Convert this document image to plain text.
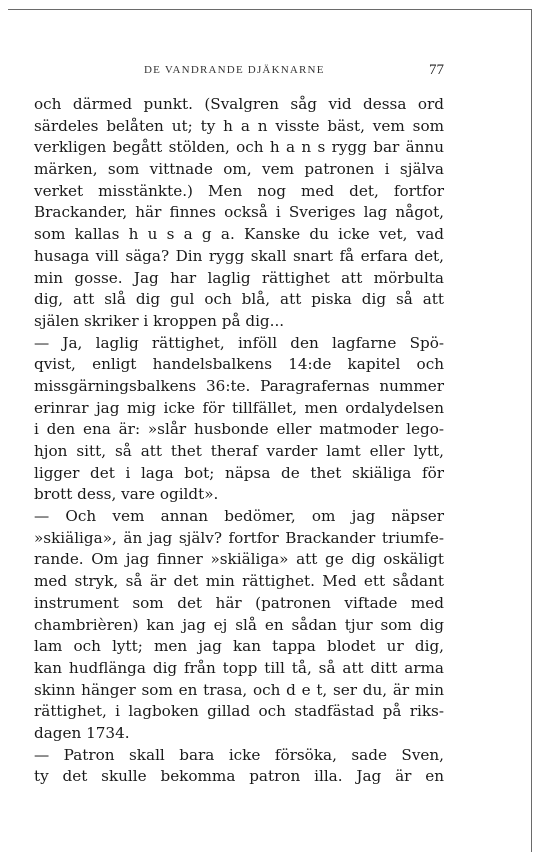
DE VANDRANDE DJÄKNARNE	77
och därmed punkt. (Svalgren såg vid dessa ord
särdeles belåten ut; ty h a n visste bäst, vem som
verkligen begått stölden, och h a n s rygg bar ännu
märken, som vittnade om, vem patronen i själva
verket misstänkte.) Men nog med det, fortfor
Brackander, här finnes också i Sveriges lag något,
som kallas h u s a g a. Kanske du icke vet, vad
husaga vill säga? Din rygg skall snart få erfara det,
min gosse. Jag har laglig rättighet att mörbulta
dig, att slå dig gul och blå, att piska dig så att
själen skriker i kroppen på dig...
— Ja, laglig rättighet, inföll den lagfarne Spö-
qvist, enligt handelsbalkens 14:de kapitel och
missgärningsbalkens 36:te. Paragrafernas nummer
erinrar jag mig icke för tillfället, men ordalydelsen
i den ena är: »slår husbonde eller matmoder lego-
hjon sitt, så att thet theraf varder lamt eller lytt,
ligger det i laga bot; näpsa de thet skiäliga för
brott dess, vare ogildt».
— Och vem annan bedömer, om jag näpser
»skiäliga», än jag själv? fortfor Brackander triumfe-
rande. Om jag finner »skiäliga» att ge dig oskäligt
med stryk, så är det min rättighet. Med ett sådant
instrument som det här (patronen viftade med
chambrièren) kan jag ej slå en sådan tjur som dig
lam och lytt; men jag kan tappa blodet ur dig,
kan hudflänga dig från topp till tå, så att ditt arma
skinn hänger som en trasa, och d e t, ser du, är min
rättighet, i lagboken gillad och stadfästad på riks-
dagen 1734.
— Patron skall bara icke försöka, sade Sven,
ty det skulle bekomma patron illa. Jag är en
